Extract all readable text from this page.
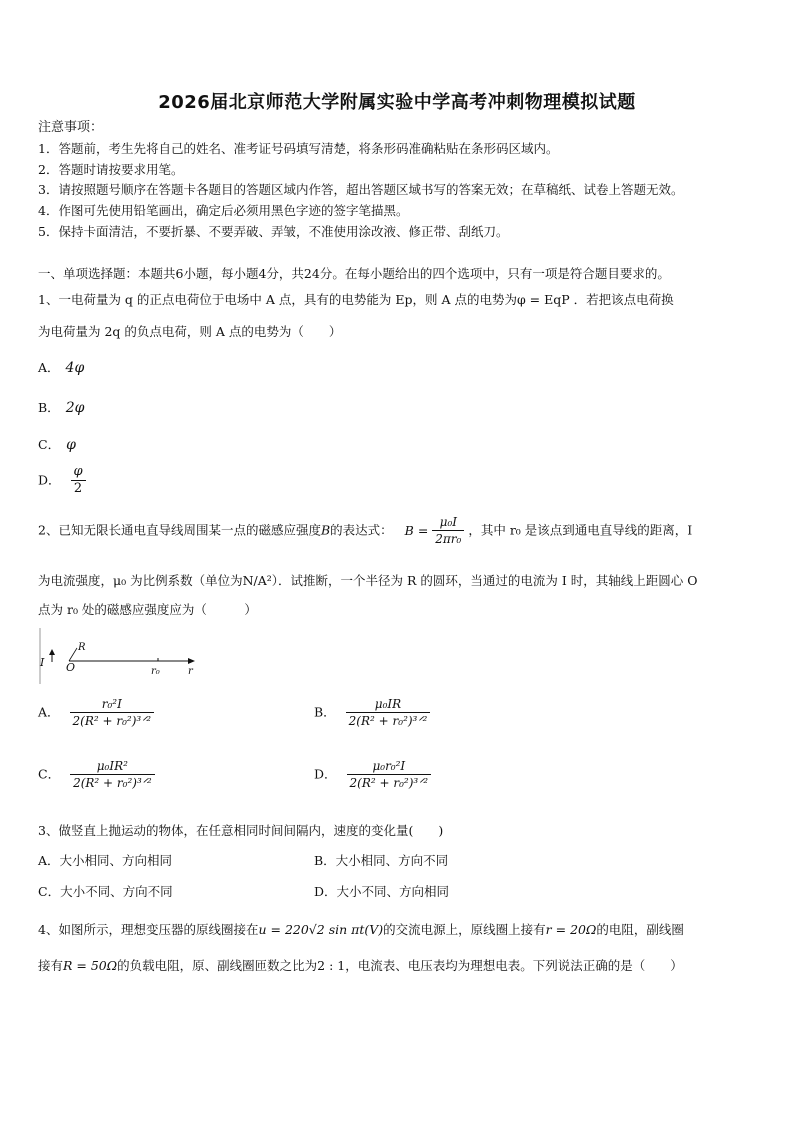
2026届北京师范大学附属实验中学高考冲刺物理模拟试题
注意事项：
1．答题前，考生先将自己的姓名、准考证号码填写清楚，将条形码准确粘贴在条形码区域内。
2．答题时请按要求用笔。
3．请按照题号顺序在答题卡各题目的答题区域内作答，超出答题区域书写的答案无效；在草稿纸、试卷上答题无效。
4．作图可先使用铅笔画出，确定后必须用黑色字迹的签字笔描黑。
5．保持卡面清洁，不要折暴、不要弄破、弄皱，不准使用涂改液、修正带、刮纸刀。
一、单项选择题：本题共6小题，每小题4分，共24分。在每小题给出的四个选项中，只有一项是符合题目要求的。
1、一电荷量为 q 的正点电荷位于电场中 A 点，具有的电势能为 Ep，则 A 点的电势为φ = EqP ．若把该点电荷换
为电荷量为 2q 的负点电荷，则 A 点的电势为（　　）
A． 4φ
B． 2φ
C． φ
D． $\frac{\varphi}{2}$
2、已知无限长通电直导线周围某一点的磁感应强度B的表达式： $B = \frac{\text{μ₀I}}{\text{2πr₀}}$ ，其中 r₀ 是该点到通电直导线的距离，I
为电流强度，μ₀ 为比例系数（单位为N/A²）．试推断，一个半径为 R 的圆环，当通过的电流为 I 时，其轴线上距圆心 O
点为 r₀ 处的磁感应强度应为（　　　）
I O
R
r₀	r
A． $\frac{\text{r₀²I}}{\text{2(R² + r₀²)³ᐟ²}}$	B． $\frac{\text{μ₀IR}}{\text{2(R² + r₀²)³ᐟ²}}$
C． $\frac{\text{μ₀IR²}}{\text{2(R² + r₀²)³ᐟ²}}$	D． $\frac{\text{μ₀r₀²I}}{\text{2(R² + r₀²)³ᐟ²}}$
3、做竖直上抛运动的物体，在任意相同时间间隔内，速度的变化量(　　)
A．大小相同、方向相同	B．大小相同、方向不同
C．大小不同、方向不同	D．大小不同、方向相同
4、如图所示，理想变压器的原线圈接在u = 220√2 sin πt(V)的交流电源上，原线圈上接有r = 20Ω的电阻，副线圈
接有R = 50Ω的负载电阻，原、副线圈匝数之比为2 : 1，电流表、电压表均为理想电表。下列说法正确的是（　　）
